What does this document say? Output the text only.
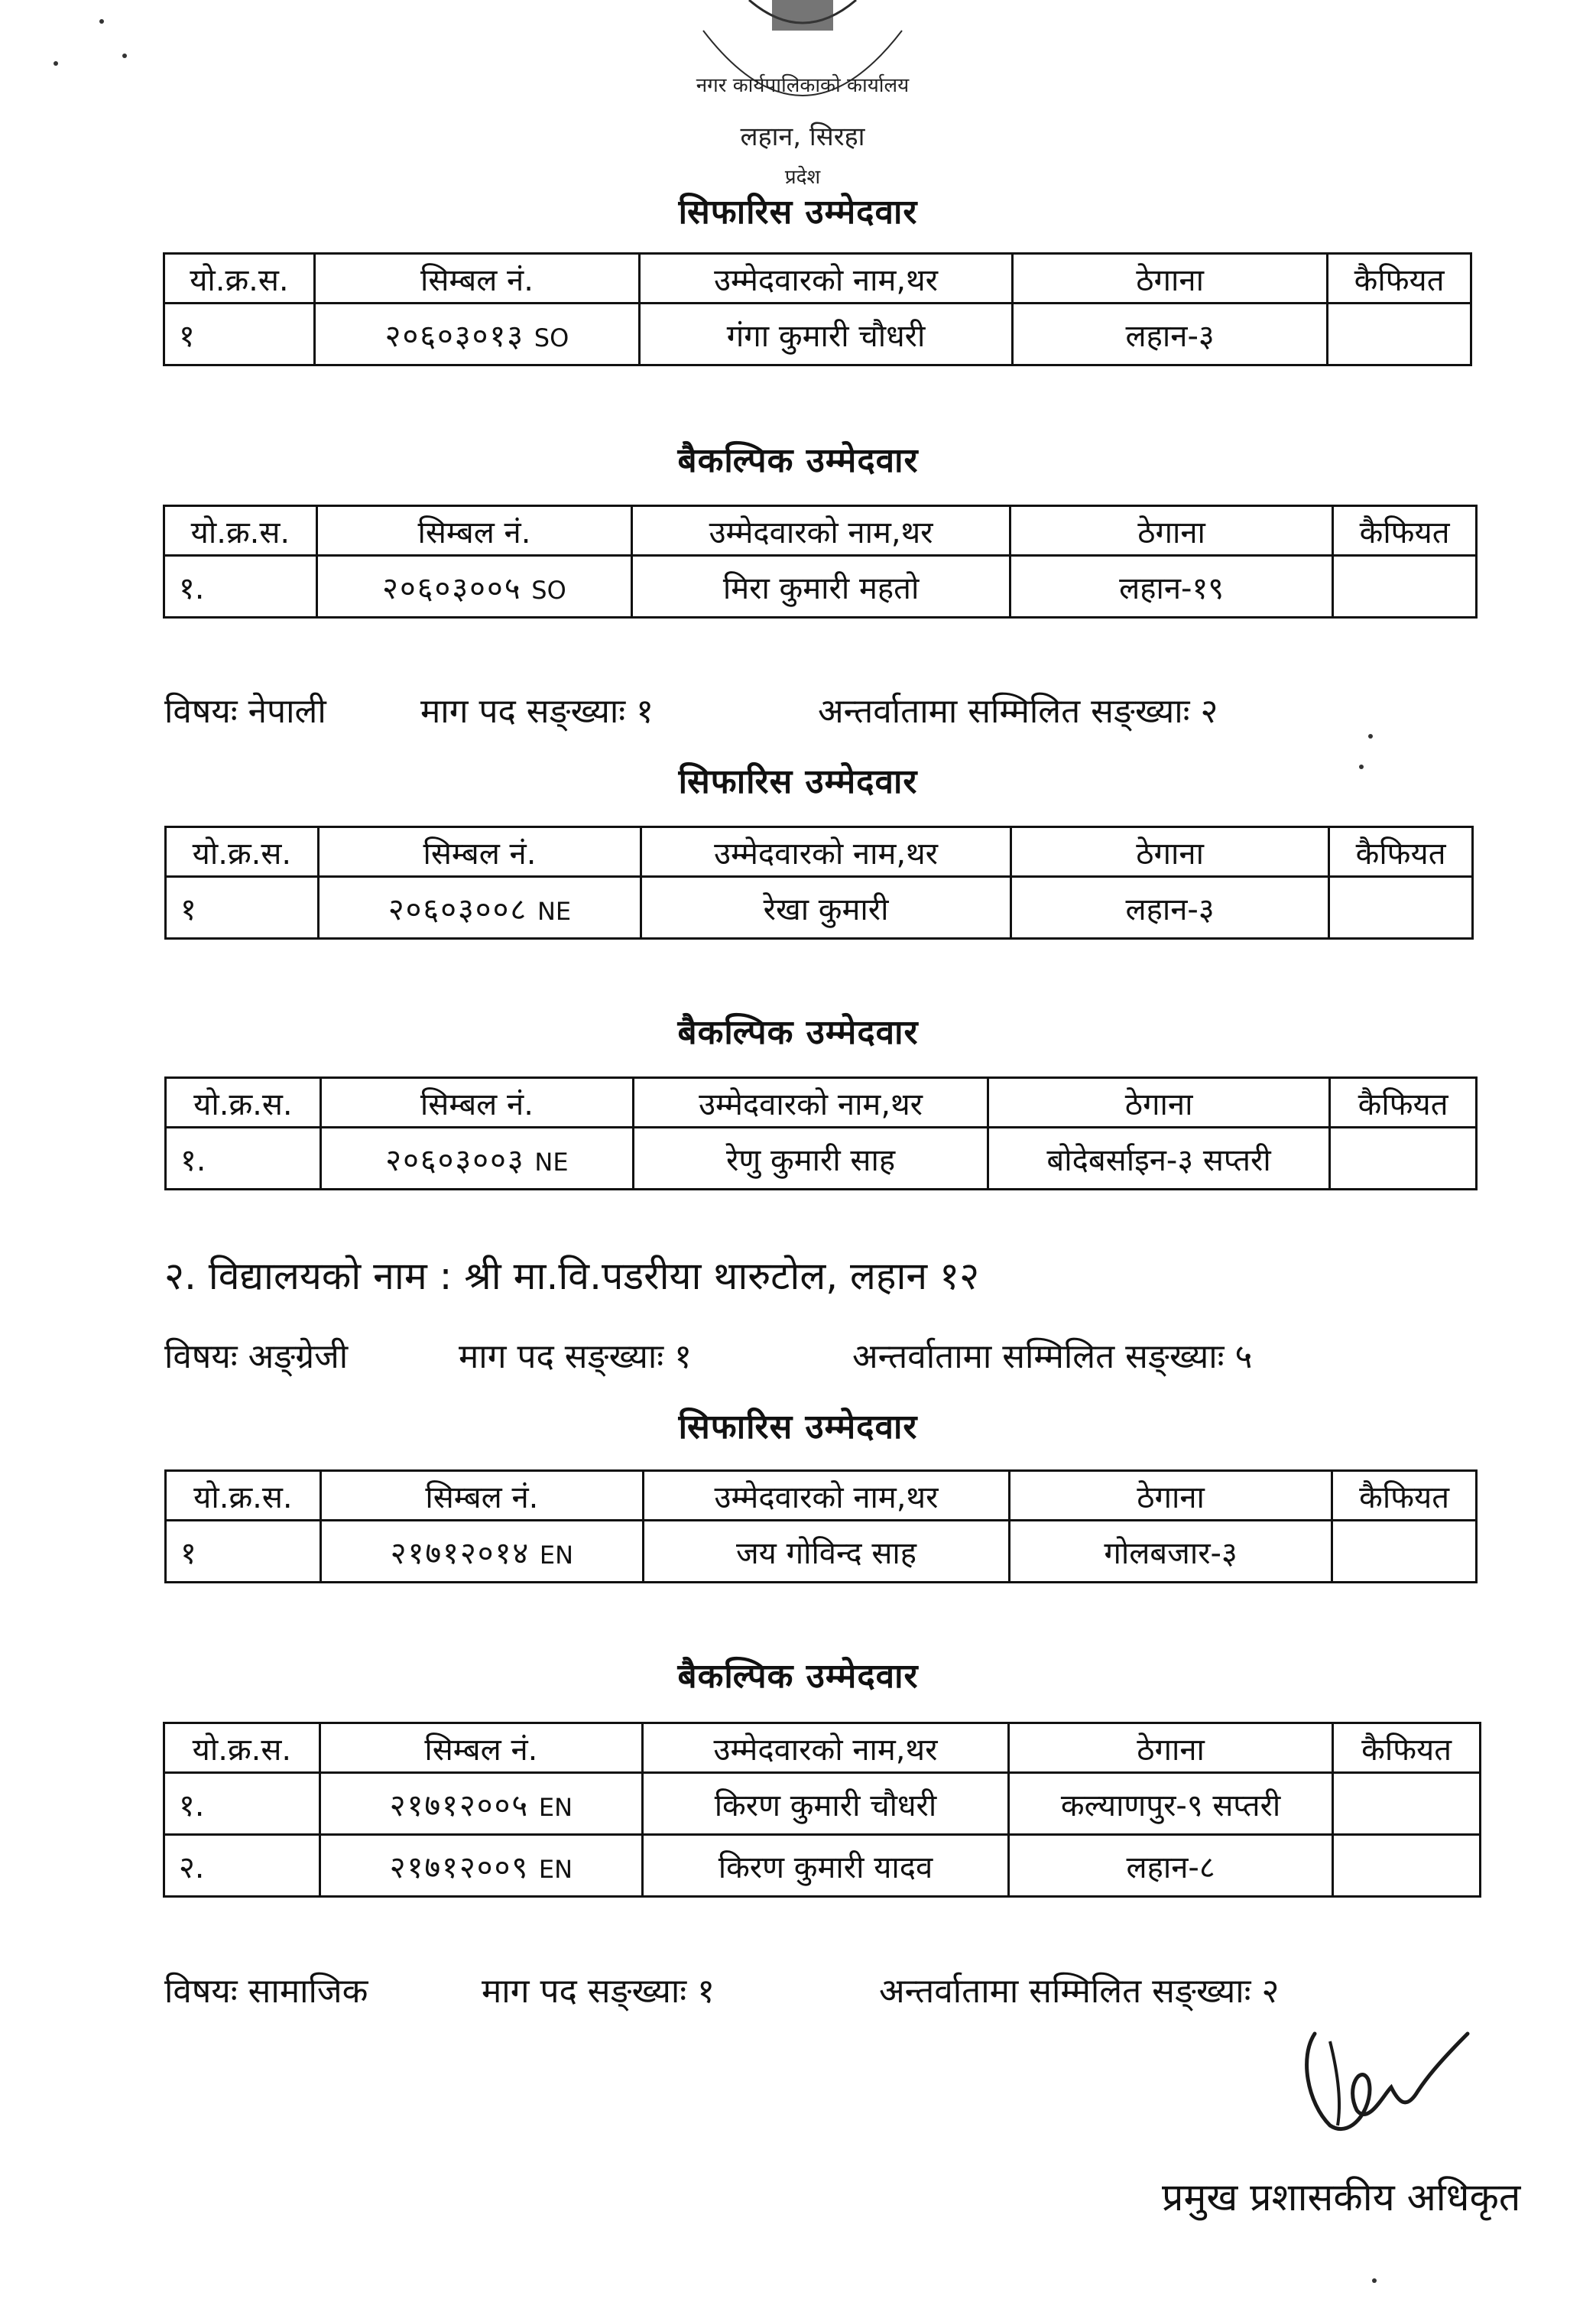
नगर कार्यपालिकाको कार्यालय
लहान, सिरहा
प्रदेश
सिफारिस उम्मेदवार
यो.क्र.स.	सिम्बल नं.	उम्मेदवारको नाम,थर	ठेगाना	कैफियत
१	२०६०३०१३ SO	गंगा कुमारी चौधरी	लहान-३	
बैकल्पिक उम्मेदवार
यो.क्र.स.	सिम्बल नं.	उम्मेदवारको नाम,थर	ठेगाना	कैफियत
१.	२०६०३००५ SO	मिरा कुमारी महतो	लहान-१९	
विषयः नेपाली	माग पद सङ्ख्याः १	अन्तर्वातामा सम्मिलित सङ्ख्याः २
सिफारिस उम्मेदवार
यो.क्र.स.	सिम्बल नं.	उम्मेदवारको नाम,थर	ठेगाना	कैफियत
१	२०६०३००८ NE	रेखा कुमारी	लहान-३	
बैकल्पिक उम्मेदवार
यो.क्र.स.	सिम्बल नं.	उम्मेदवारको नाम,थर	ठेगाना	कैफियत
१.	२०६०३००३ NE	रेणु कुमारी साह	बोदेबर्साइन-३ सप्तरी	
२. विद्यालयको नाम : श्री मा.वि.पडरीया थारुटोल, लहान १२
विषयः अङ्ग्रेजी	माग पद सङ्ख्याः १	अन्तर्वातामा सम्मिलित सङ्ख्याः ५
सिफारिस उम्मेदवार
यो.क्र.स.	सिम्बल नं.	उम्मेदवारको नाम,थर	ठेगाना	कैफियत
१	२१७१२०१४ EN	जय गोविन्द साह	गोलबजार-३	
बैकल्पिक उम्मेदवार
यो.क्र.स.	सिम्बल नं.	उम्मेदवारको नाम,थर	ठेगाना	कैफियत
१.	२१७१२००५ EN	किरण कुमारी चौधरी	कल्याणपुर-९ सप्तरी	
२.	२१७१२००९ EN	किरण कुमारी यादव	लहान-८	
विषयः सामाजिक	माग पद सङ्ख्याः १	अन्तर्वातामा सम्मिलित सङ्ख्याः २
प्रमुख प्रशासकीय अधिकृत
